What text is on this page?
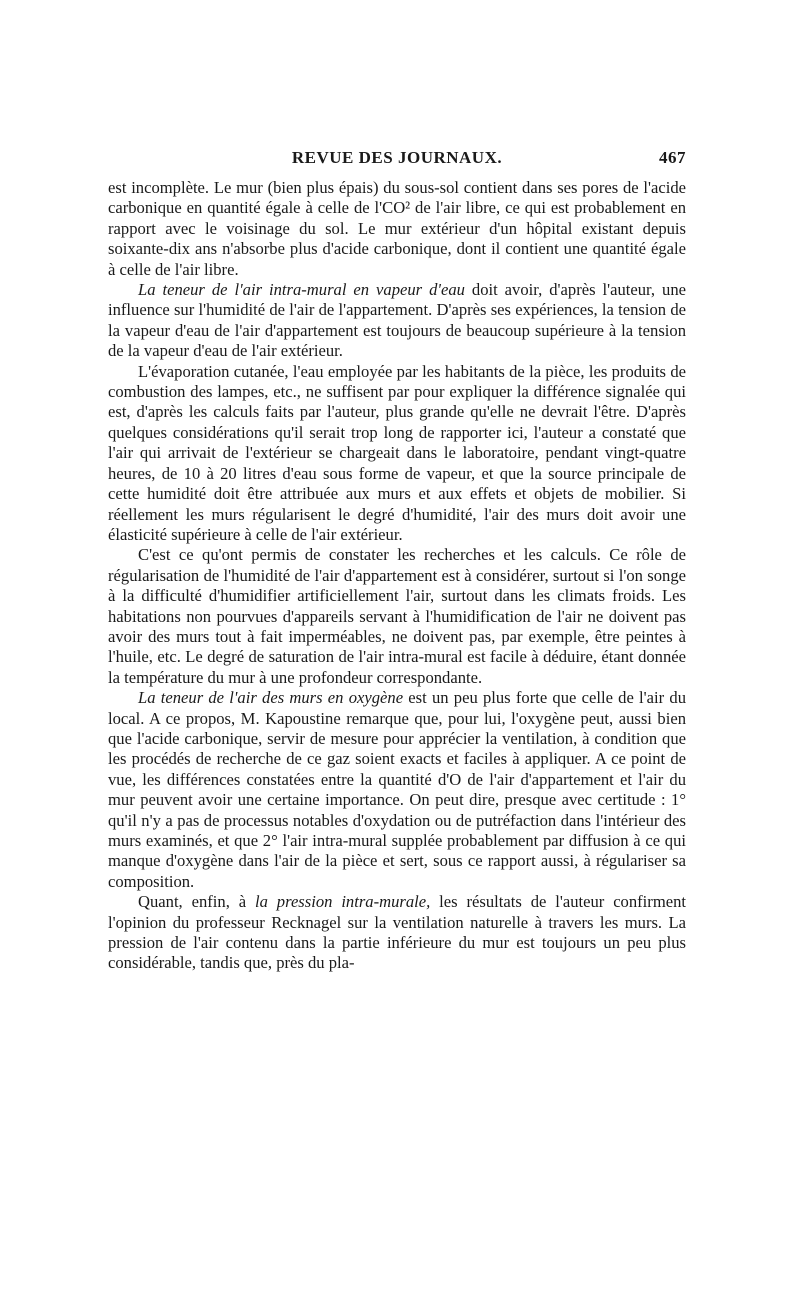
REVUE DES JOURNAUX.	467

est incomplète. Le mur (bien plus épais) du sous-sol contient dans ses pores de l'acide carbonique en quantité égale à celle de l'CO² de l'air libre, ce qui est probablement en rapport avec le voisinage du sol. Le mur extérieur d'un hôpital existant depuis soixante-dix ans n'absorbe plus d'acide carbonique, dont il contient une quantité égale à celle de l'air libre.

La teneur de l'air intra-mural en vapeur d'eau doit avoir, d'après l'auteur, une influence sur l'humidité de l'air de l'appartement. D'après ses expériences, la tension de la vapeur d'eau de l'air d'appartement est toujours de beaucoup supérieure à la tension de la vapeur d'eau de l'air extérieur.

L'évaporation cutanée, l'eau employée par les habitants de la pièce, les produits de combustion des lampes, etc., ne suffisent par pour expliquer la différence signalée qui est, d'après les calculs faits par l'auteur, plus grande qu'elle ne devrait l'être. D'après quelques considérations qu'il serait trop long de rapporter ici, l'auteur a constaté que l'air qui arrivait de l'extérieur se chargeait dans le laboratoire, pendant vingt-quatre heures, de 10 à 20 litres d'eau sous forme de vapeur, et que la source principale de cette humidité doit être attribuée aux murs et aux effets et objets de mobilier. Si réellement les murs régularisent le degré d'humidité, l'air des murs doit avoir une élasticité supérieure à celle de l'air extérieur.

C'est ce qu'ont permis de constater les recherches et les calculs. Ce rôle de régularisation de l'humidité de l'air d'appartement est à considérer, surtout si l'on songe à la difficulté d'humidifier artificiellement l'air, surtout dans les climats froids. Les habitations non pourvues d'appareils servant à l'humidification de l'air ne doivent pas avoir des murs tout à fait imperméables, ne doivent pas, par exemple, être peintes à l'huile, etc. Le degré de saturation de l'air intra-mural est facile à déduire, étant donnée la température du mur à une profondeur correspondante.

La teneur de l'air des murs en oxygène est un peu plus forte que celle de l'air du local. A ce propos, M. Kapoustine remarque que, pour lui, l'oxygène peut, aussi bien que l'acide carbonique, servir de mesure pour apprécier la ventilation, à condition que les procédés de recherche de ce gaz soient exacts et faciles à appliquer. A ce point de vue, les différences constatées entre la quantité d'O de l'air d'appartement et l'air du mur peuvent avoir une certaine importance. On peut dire, presque avec certitude : 1° qu'il n'y a pas de processus notables d'oxydation ou de putréfaction dans l'intérieur des murs examinés, et que 2° l'air intra-mural supplée probablement par diffusion à ce qui manque d'oxygène dans l'air de la pièce et sert, sous ce rapport aussi, à régulariser sa composition.

Quant, enfin, à la pression intra-murale, les résultats de l'auteur confirment l'opinion du professeur Recknagel sur la ventilation naturelle à travers les murs. La pression de l'air contenu dans la partie inférieure du mur est toujours un peu plus considérable, tandis que, près du pla-
